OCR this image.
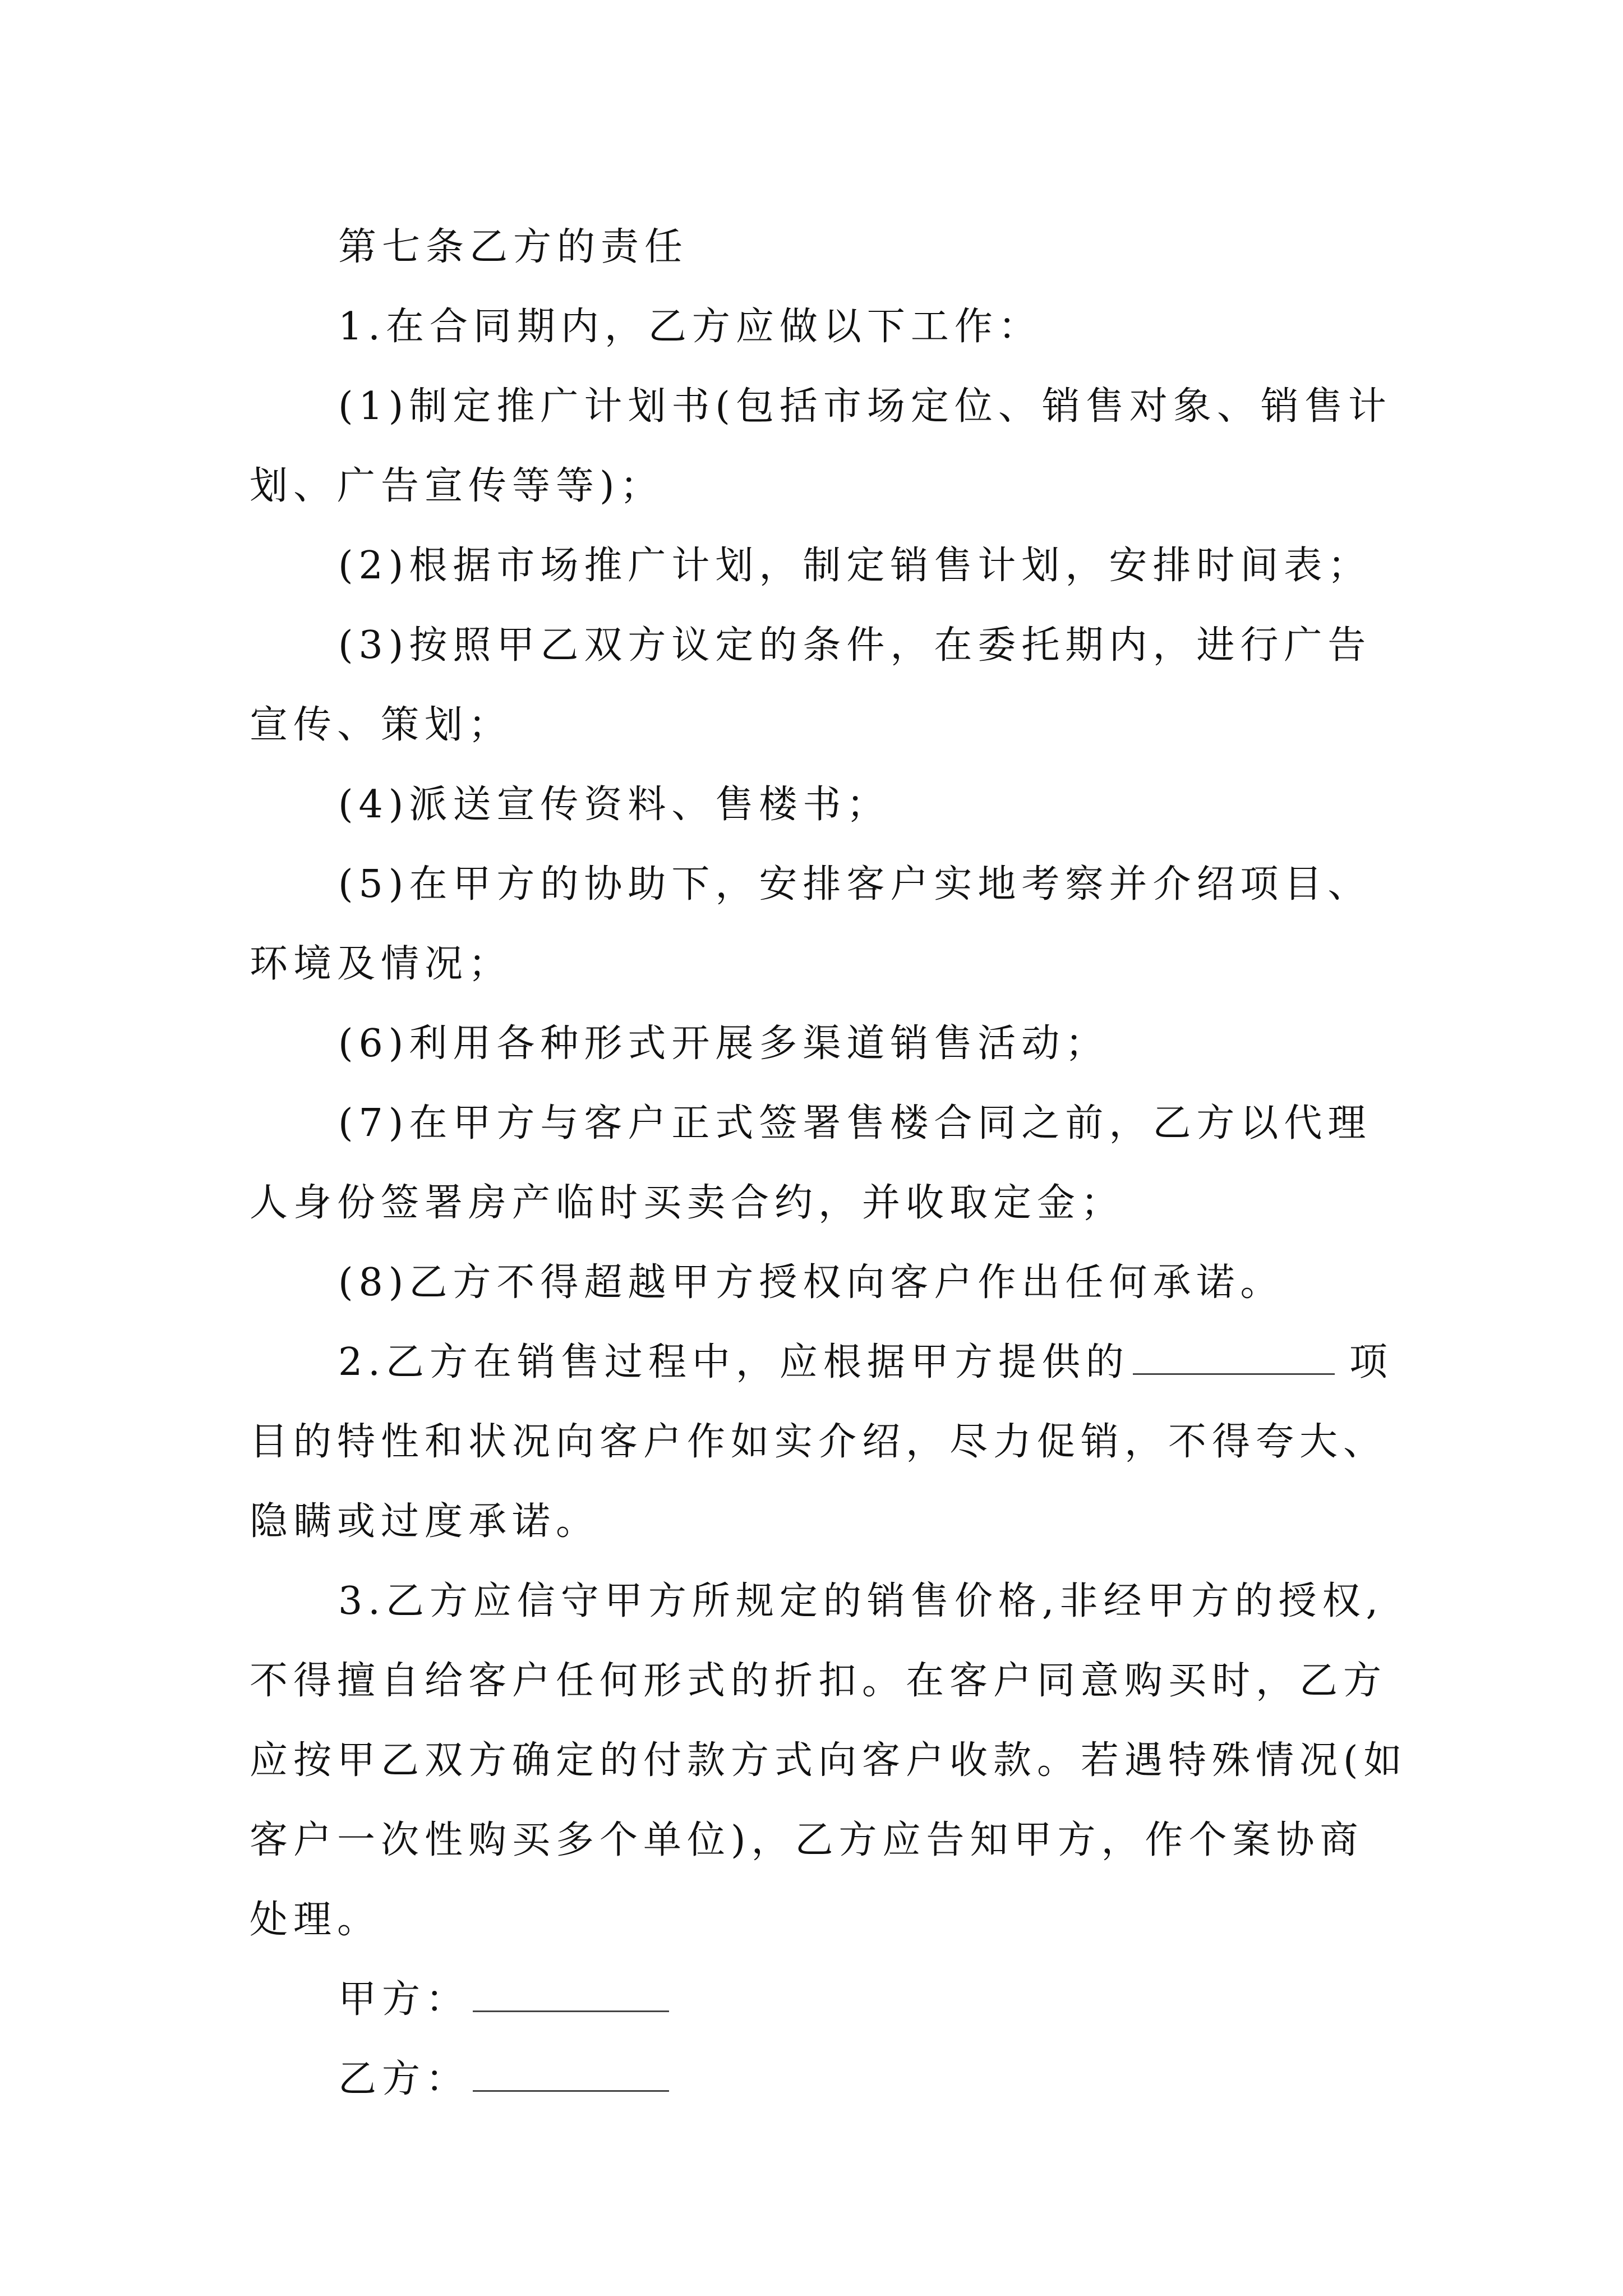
第七条乙方的责任
1.在合同期内，乙方应做以下工作：
(1)制定推广计划书(包括市场定位、销售对象、销售计
划、广告宣传等等)；
(2)根据市场推广计划，制定销售计划，安排时间表；
(3)按照甲乙双方议定的条件，在委托期内，进行广告
宣传、策划；
(4)派送宣传资料、售楼书；
(5)在甲方的协助下，安排客户实地考察并介绍项目、
环境及情况；
(6)利用各种形式开展多渠道销售活动；
(7)在甲方与客户正式签署售楼合同之前，乙方以代理
人身份签署房产临时买卖合约，并收取定金；
(8)乙方不得超越甲方授权向客户作出任何承诺。
2.乙方在销售过程中，应根据甲方提供的	项
目的特性和状况向客户作如实介绍，尽力促销，不得夸大、
隐瞒或过度承诺。
3.乙方应信守甲方所规定的销售价格,非经甲方的授权,
不得擅自给客户任何形式的折扣。在客户同意购买时，乙方
应按甲乙双方确定的付款方式向客户收款。若遇特殊情况(如
客户一次性购买多个单位)，乙方应告知甲方，作个案协商
处理。
甲方：
乙方：
